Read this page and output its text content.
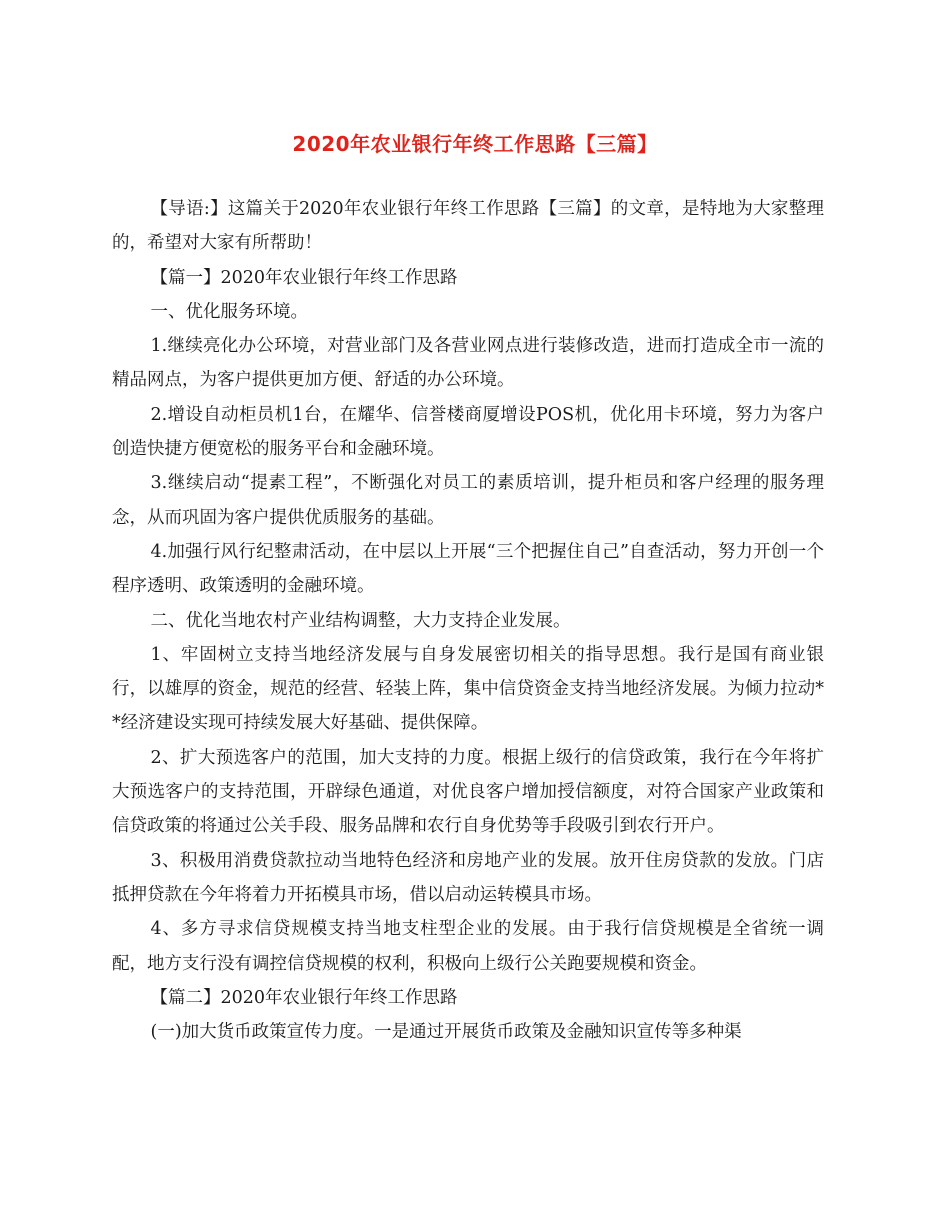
2020年农业银行年终工作思路【三篇】

【导语:】这篇关于2020年农业银行年终工作思路【三篇】的文章，是特地为大家整理的，希望对大家有所帮助！

【篇一】2020年农业银行年终工作思路

一、优化服务环境。

1.继续亮化办公环境，对营业部门及各营业网点进行装修改造，进而打造成全市一流的精品网点，为客户提供更加方便、舒适的办公环境。

2.增设自动柜员机1台，在耀华、信誉楼商厦增设POS机，优化用卡环境，努力为客户创造快捷方便宽松的服务平台和金融环境。

3.继续启动“提素工程”，不断强化对员工的素质培训，提升柜员和客户经理的服务理念，从而巩固为客户提供优质服务的基础。

4.加强行风行纪整肃活动，在中层以上开展“三个把握住自己”自查活动，努力开创一个程序透明、政策透明的金融环境。

二、优化当地农村产业结构调整，大力支持企业发展。

1、牢固树立支持当地经济发展与自身发展密切相关的指导思想。我行是国有商业银行，以雄厚的资金，规范的经营、轻装上阵，集中信贷资金支持当地经济发展。为倾力拉动**经济建设实现可持续发展大好基础、提供保障。

2、扩大预选客户的范围，加大支持的力度。根据上级行的信贷政策，我行在今年将扩大预选客户的支持范围，开辟绿色通道，对优良客户增加授信额度，对符合国家产业政策和信贷政策的将通过公关手段、服务品牌和农行自身优势等手段吸引到农行开户。

3、积极用消费贷款拉动当地特色经济和房地产业的发展。放开住房贷款的发放。门店抵押贷款在今年将着力开拓模具市场，借以启动运转模具市场。

4、多方寻求信贷规模支持当地支柱型企业的发展。由于我行信贷规模是全省统一调配，地方支行没有调控信贷规模的权利，积极向上级行公关跑要规模和资金。

【篇二】2020年农业银行年终工作思路

(一)加大货币政策宣传力度。一是通过开展货币政策及金融知识宣传等多种渠
